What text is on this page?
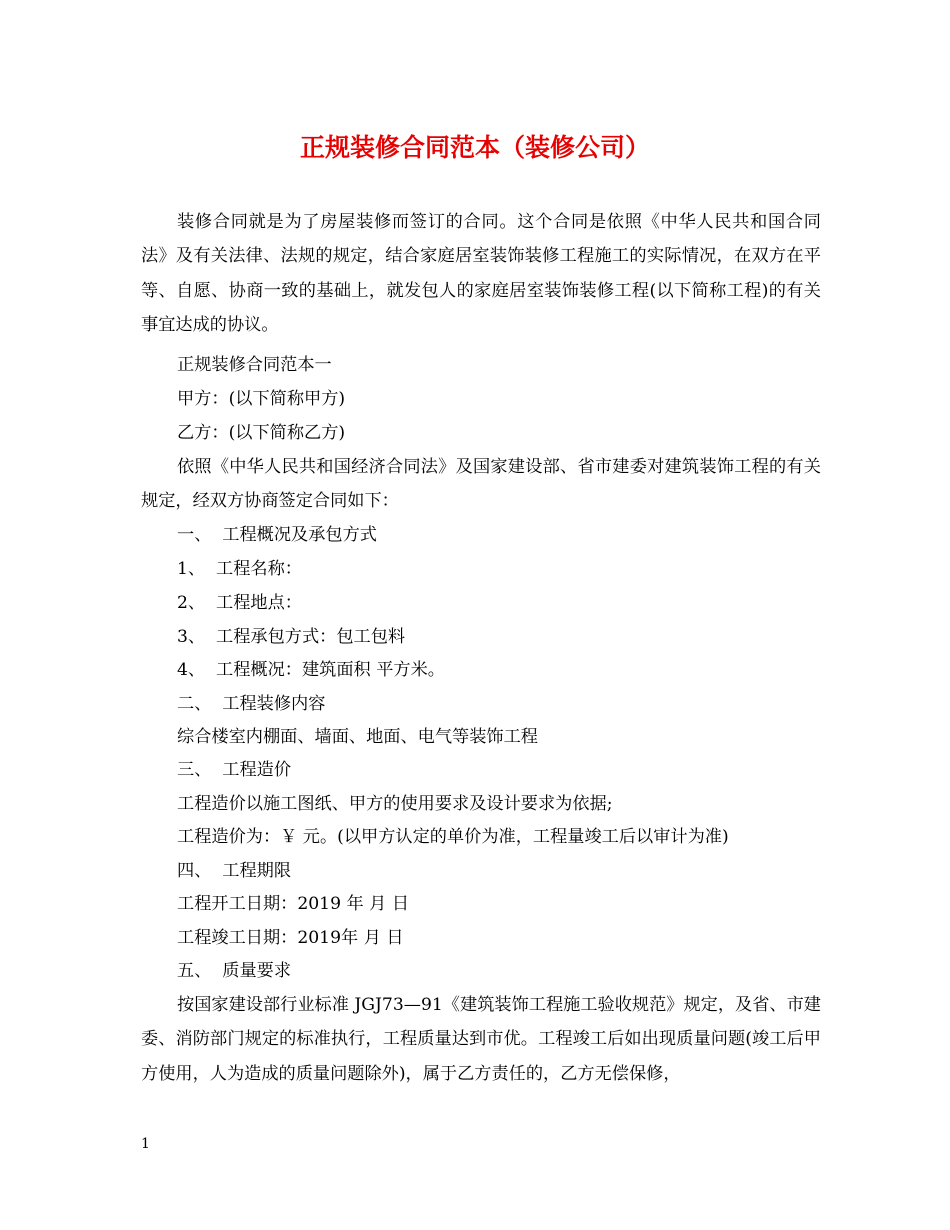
正规装修合同范本（装修公司）

装修合同就是为了房屋装修而签订的合同。这个合同是依照《中华人民共和国合同法》及有关法律、法规的规定，结合家庭居室装饰装修工程施工的实际情况，在双方在平等、自愿、协商一致的基础上，就发包人的家庭居室装饰装修工程(以下简称工程)的有关事宜达成的协议。

正规装修合同范本一

甲方：(以下简称甲方)

乙方：(以下简称乙方)

依照《中华人民共和国经济合同法》及国家建设部、省市建委对建筑装饰工程的有关规定，经双方协商签定合同如下：

一、  工程概况及承包方式

1、  工程名称：

2、  工程地点：

3、  工程承包方式：包工包料

4、  工程概况：建筑面积 平方米。

二、  工程装修内容

综合楼室内棚面、墙面、地面、电气等装饰工程

三、  工程造价

工程造价以施工图纸、甲方的使用要求及设计要求为依据;

工程造价为：￥ 元。(以甲方认定的单价为准，工程量竣工后以审计为准)

四、  工程期限

工程开工日期：2019 年 月 日

工程竣工日期：2019年 月 日

五、  质量要求

按国家建设部行业标准 JGJ73—91《建筑装饰工程施工验收规范》规定，及省、市建委、消防部门规定的标准执行，工程质量达到市优。工程竣工后如出现质量问题(竣工后甲方使用，人为造成的质量问题除外)，属于乙方责任的，乙方无偿保修，

1
